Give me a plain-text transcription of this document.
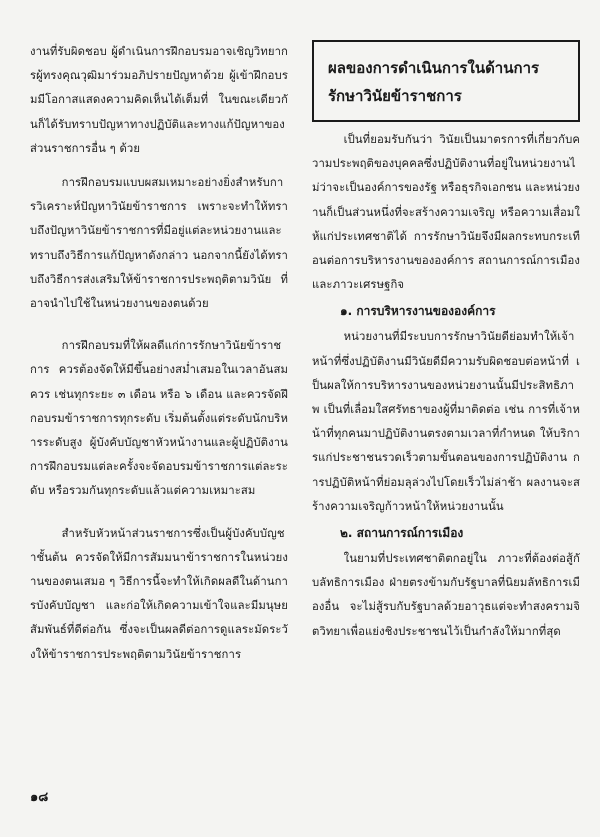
งานที่รับผิดชอบ ผู้ดำเนินการฝึกอบรมอาจเชิญวิทยากรผู้ทรงคุณวุฒิมาร่วมอภิปรายปัญหาด้วย ผู้เข้าฝึกอบรมมีโอกาสแสดงความคิดเห็นได้เต็มที่ ในขณะเดียวกันก็ได้รับทราบปัญหาทางปฏิบัติและทางแก้ปัญหาของส่วนราชการอื่น ๆ ด้วย

การฝึกอบรมแบบผสมเหมาะอย่างยิ่งสำหรับการวิเคราะห์ปัญหาวินัยข้าราชการ เพราะจะทำให้ทราบถึงปัญหาวินัยข้าราชการที่มีอยู่แต่ละหน่วยงานและทราบถึงวิธีการแก้ปัญหาดังกล่าว นอกจากนี้ยังได้ทราบถึงวิธีการส่งเสริมให้ข้าราชการประพฤติตามวินัย ที่อาจนำไปใช้ในหน่วยงานของตนด้วย

การฝึกอบรมที่ให้ผลดีแก่การรักษาวินัยข้าราชการ ควรต้องจัดให้มีขึ้นอย่างสม่ำเสมอในเวลาอันสมควร เช่นทุกระยะ ๓ เดือน หรือ ๖ เดือน และควรจัดฝึกอบรมข้าราชการทุกระดับ เริ่มต้นตั้งแต่ระดับนักบริหารระดับสูง ผู้บังคับบัญชาหัวหน้างานและผู้ปฏิบัติงาน การฝึกอบรมแต่ละครั้งจะจัดอบรมข้าราชการแต่ละระดับ หรือรวมกันทุกระดับแล้วแต่ความเหมาะสม

สำหรับหัวหน้าส่วนราชการซึ่งเป็นผู้บังคับบัญชาชั้นต้น ควรจัดให้มีการสัมมนาข้าราชการในหน่วยงานของตนเสมอ ๆ วิธีการนี้จะทำให้เกิดผลดีในด้านการบังคับบัญชา และก่อให้เกิดความเข้าใจและมีมนุษยสัมพันธ์ที่ดีต่อกัน ซึ่งจะเป็นผลดีต่อการดูแลระมัดระวังให้ข้าราชการประพฤติตามวินัยข้าราชการ

ผลของการดำเนินการในด้านการรักษาวินัยข้าราชการ

เป็นที่ยอมรับกันว่า วินัยเป็นมาตรการที่เกี่ยวกับความประพฤติของบุคคลซึ่งปฏิบัติงานที่อยู่ในหน่วยงานไม่ว่าจะเป็นองค์การของรัฐ หรือธุรกิจเอกชน และหน่วยงานก็เป็นส่วนหนึ่งที่จะสร้างความเจริญ หรือความเสื่อมให้แก่ประเทศชาติได้ การรักษาวินัยจึงมีผลกระทบกระเทือนต่อการบริหารงานขององค์การ สถานการณ์การเมือง และภาวะเศรษฐกิจ

๑. การบริหารงานขององค์การ

หน่วยงานที่มีระบบการรักษาวินัยดีย่อมทำให้เจ้าหน้าที่ซึ่งปฏิบัติงานมีวินัยดีมีความรับผิดชอบต่อหน้าที่ เป็นผลให้การบริหารงานของหน่วยงานนั้นมีประสิทธิภาพ เป็นที่เลื่อมใสศรัทธาของผู้ที่มาติดต่อ เช่น การที่เจ้าหน้าที่ทุกคนมาปฏิบัติงานตรงตามเวลาที่กำหนด ให้บริการแก่ประชาชนรวดเร็วตามขั้นตอนของการปฏิบัติงาน การปฏิบัติหน้าที่ย่อมลุล่วงไปโดยเร็วไม่ล่าช้า ผลงานจะสร้างความเจริญก้าวหน้าให้หน่วยงานนั้น

๒. สถานการณ์การเมือง

ในยามที่ประเทศชาติตกอยู่ใน ภาวะที่ต้องต่อสู้กับลัทธิการเมือง ฝ่ายตรงข้ามกับรัฐบาลที่นิยมลัทธิการเมืองอื่น จะไม่สู้รบกับรัฐบาลด้วยอาวุธแต่จะทำสงครามจิตวิทยาเพื่อแย่งชิงประชาชนไว้เป็นกำลังให้มากที่สุด

๑๘
